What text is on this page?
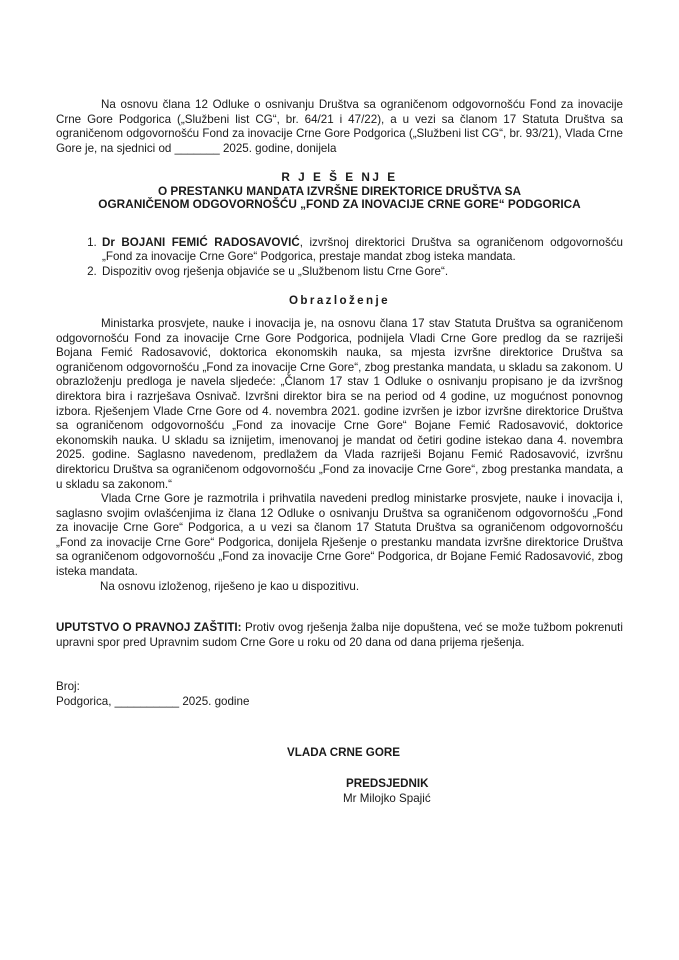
Na osnovu člana 12 Odluke o osnivanju Društva sa ograničenom odgovornošću Fond za inovacije Crne Gore Podgorica („Službeni list CG“, br. 64/21 i 47/22), a u vezi sa članom 17 Statuta Društva sa ograničenom odgovornošću Fond za inovacije Crne Gore Podgorica („Službeni list CG“, br. 93/21), Vlada Crne Gore je, na sjednici od _______ 2025. godine, donijela

R J E Š E NJ E
O PRESTANKU MANDATA IZVRŠNE DIREKTORICE DRUŠTVA SA
OGRANIČENOM ODGOVORNOŠĆU „FOND ZA INOVACIJE CRNE GORE“ PODGORICA
1. Dr BOJANI FEMIĆ RADOSAVOVIĆ, izvršnoj direktorici Društva sa ograničenom odgovornošću „Fond za inovacije Crne Gore“ Podgorica, prestaje mandat zbog isteka mandata.
2. Dispozitiv ovog rješenja objaviće se u „Službenom listu Crne Gore“.
Obrazloženje

Ministarka prosvjete, nauke i inovacija je, na osnovu člana 17 stav Statuta Društva sa ograničenom odgovornošću Fond za inovacije Crne Gore Podgorica, podnijela Vladi Crne Gore predlog da se razriješi Bojana Femić Radosavović, doktorica ekonomskih nauka, sa mjesta izvršne direktorice Društva sa ograničenom odgovornošću „Fond za inovacije Crne Gore“, zbog prestanka mandata, u skladu sa zakonom. U obrazloženju predloga je navela sljedeće: „Članom 17 stav 1 Odluke o osnivanju propisano je da izvršnog direktora bira i razrješava Osnivač. Izvršni direktor bira se na period od 4 godine, uz mogućnost ponovnog izbora. Rješenjem Vlade Crne Gore od 4. novembra 2021. godine izvršen je izbor izvršne direktorice Društva sa ograničenom odgovornošću „Fond za inovacije Crne Gore“ Bojane Femić Radosavović, doktorice ekonomskih nauka. U skladu sa iznijetim, imenovanoj je mandat od četiri godine istekao dana 4. novembra 2025. godine. Saglasno navedenom, predlažem da Vlada razriješi Bojanu Femić Radosavović, izvršnu direktoricu Društva sa ograničenom odgovornošću „Fond za inovacije Crne Gore“, zbog prestanka mandata, a u skladu sa zakonom.“

Vlada Crne Gore je razmotrila i prihvatila navedeni predlog ministarke prosvjete, nauke i inovacija i, saglasno svojim ovlašćenjima iz člana 12 Odluke o osnivanju Društva sa ograničenom odgovornošću „Fond za inovacije Crne Gore“ Podgorica, a u vezi sa članom 17 Statuta Društva sa ograničenom odgovornošću „Fond za inovacije Crne Gore“ Podgorica, donijela Rješenje o prestanku mandata izvršne direktorice Društva sa ograničenom odgovornošću „Fond za inovacije Crne Gore“ Podgorica, dr Bojane Femić Radosavović, zbog isteka mandata.

Na osnovu izloženog, riješeno je kao u dispozitivu.

UPUTSTVO O PRAVNOJ ZAŠTITI: Protiv ovog rješenja žalba nije dopuštena, već se može tužbom pokrenuti upravni spor pred Upravnim sudom Crne Gore u roku od 20 dana od dana prijema rješenja.

Broj:
Podgorica, __________ 2025. godine
VLADA CRNE GORE
PREDSJEDNIK
Mr Milojko Spajić
